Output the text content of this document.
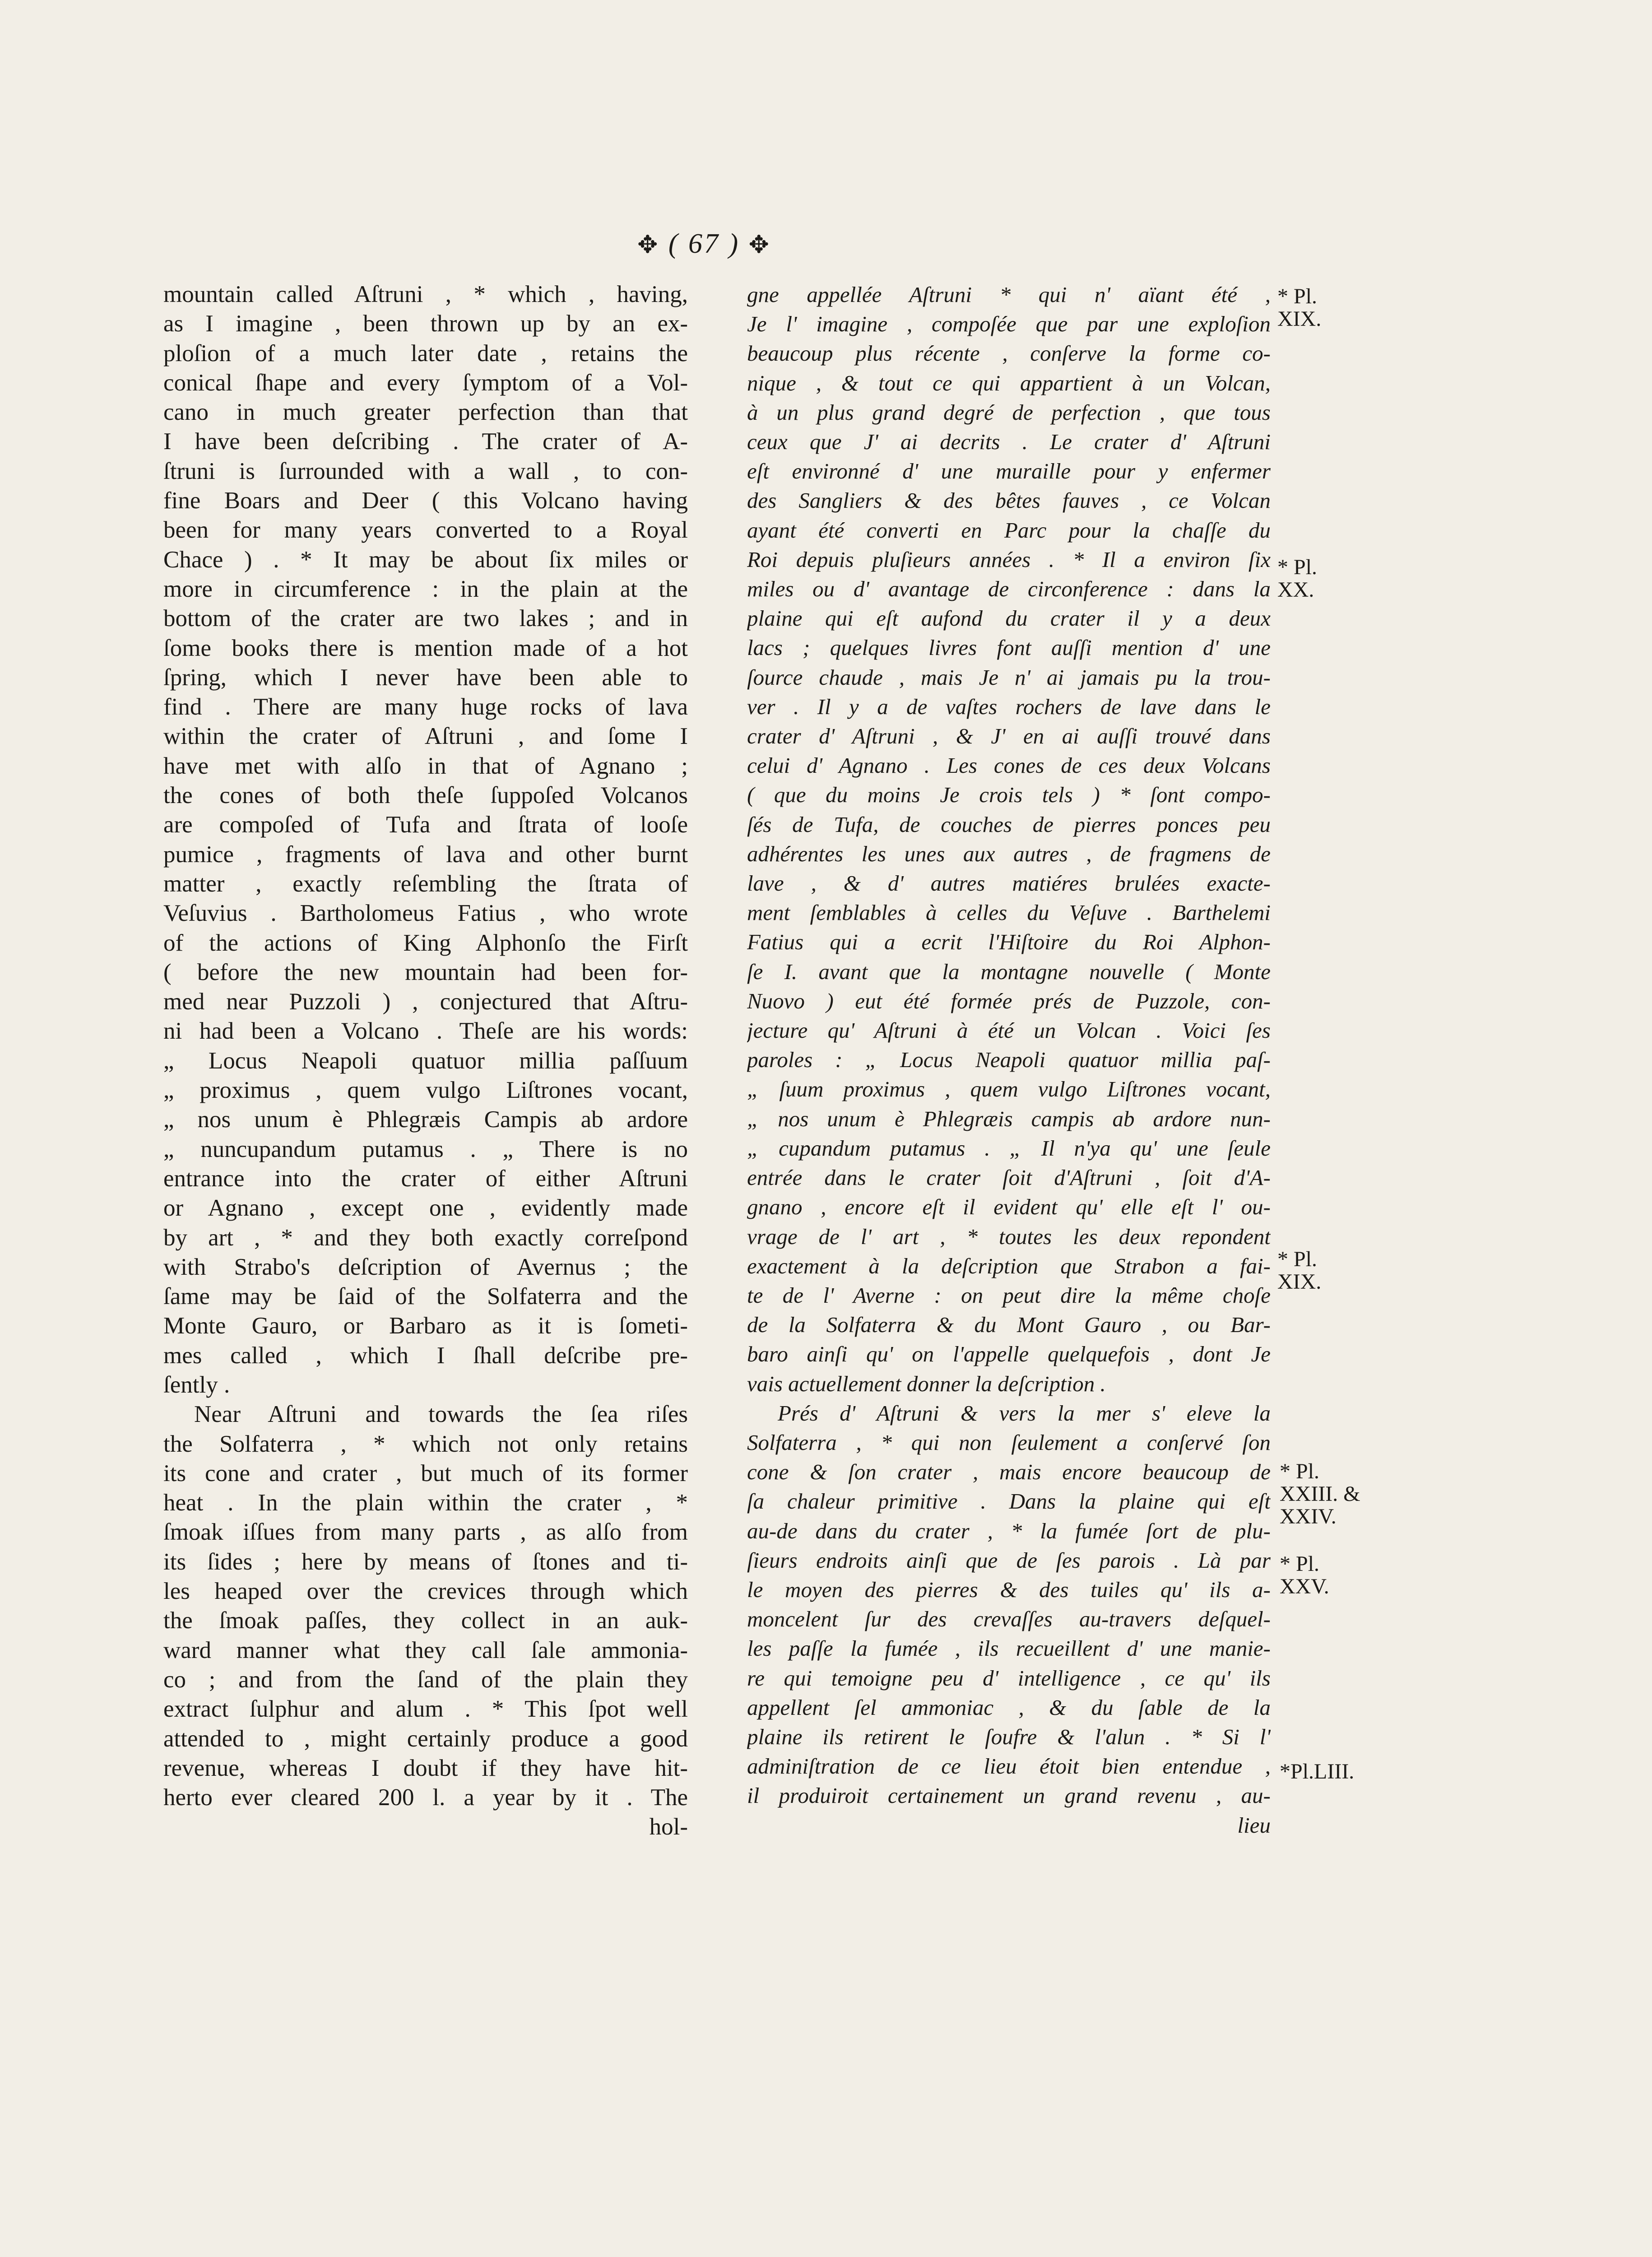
✥ ( 67 ) ✥
mountain called Aſtruni , * which , having,
as I imagine , been thrown up by an ex-
ploſion of a much later date , retains the
conical ſhape and every ſymptom of a Vol-
cano in much greater perfection than that
I have been deſcribing . The crater of A-
ſtruni is ſurrounded with a wall , to con-
fine Boars and Deer ( this Volcano having
been for many years converted to a Royal
Chace ) . * It may be about ſix miles or
more in circumference : in the plain at the
bottom of the crater are two lakes ; and in
ſome books there is mention made of a hot
ſpring, which I never have been able to
find . There are many huge rocks of lava
within the crater of Aſtruni , and ſome I
have met with alſo in that of Agnano ;
the cones of both theſe ſuppoſed Volcanos
are compoſed of Tufa and ſtrata of looſe
pumice , fragments of lava and other burnt
matter , exactly reſembling the ſtrata of
Veſuvius . Bartholomeus Fatius , who wrote
of the actions of King Alphonſo the Firſt
( before the new mountain had been for-
med near Puzzoli ) , conjectured that Aſtru-
ni had been a Volcano . Theſe are his words:
„ Locus Neapoli quatuor millia paſſuum
„ proximus , quem vulgo Liſtrones vocant,
„ nos unum è Phlegræis Campis ab ardore
„ nuncupandum putamus . „ There is no
entrance into the crater of either Aſtruni
or Agnano , except one , evidently made
by art , * and they both exactly correſpond
with Strabo's deſcription of Avernus ; the
ſame may be ſaid of the Solfaterra and the
Monte Gauro, or Barbaro as it is ſometi-
mes called , which I ſhall deſcribe pre-
ſently .
Near Aſtruni and towards the ſea riſes
the Solfaterra , * which not only retains
its cone and crater , but much of its former
heat . In the plain within the crater , *
ſmoak iſſues from many parts , as alſo from
its ſides ; here by means of ſtones and ti-
les heaped over the crevices through which
the ſmoak paſſes, they collect in an auk-
ward manner what they call ſale ammonia-
co ; and from the ſand of the plain they
extract ſulphur and alum . * This ſpot well
attended to , might certainly produce a good
revenue, whereas I doubt if they have hit-
herto ever cleared 200 l. a year by it . The
hol-
gne appellée Aſtruni * qui n' aïant été ,
Je l' imagine , compoſée que par une exploſion
beaucoup plus récente , conſerve la forme co-
nique , & tout ce qui appartient à un Volcan,
à un plus grand degré de perfection , que tous
ceux que J' ai decrits . Le crater d' Aſtruni
eſt environné d' une muraille pour y enfermer
des Sangliers & des bêtes fauves , ce Volcan
ayant été converti en Parc pour la chaſſe du
Roi depuis pluſieurs années . * Il a environ ſix
miles ou d' avantage de circonference : dans la
plaine qui eſt aufond du crater il y a deux
lacs ; quelques livres font auſſi mention d' une
ſource chaude , mais Je n' ai jamais pu la trou-
ver . Il y a de vaſtes rochers de lave dans le
crater d' Aſtruni , & J' en ai auſſi trouvé dans
celui d' Agnano . Les cones de ces deux Volcans
( que du moins Je crois tels ) * ſont compo-
ſés de Tufa, de couches de pierres ponces peu
adhérentes les unes aux autres , de fragmens de
lave , & d' autres matiéres brulées exacte-
ment ſemblables à celles du Veſuve . Barthelemi
Fatius qui a ecrit l'Hiſtoire du Roi Alphon-
ſe I. avant que la montagne nouvelle ( Monte
Nuovo ) eut été formée prés de Puzzole, con-
jecture qu' Aſtruni à été un Volcan . Voici ſes
paroles : „ Locus Neapoli quatuor millia paſ-
„ ſuum proximus , quem vulgo Liſtrones vocant,
„ nos unum è Phlegræis campis ab ardore nun-
„ cupandum putamus . „ Il n'ya qu' une ſeule
entrée dans le crater ſoit d'Aſtruni , ſoit d'A-
gnano , encore eſt il evident qu' elle eſt l' ou-
vrage de l' art , * toutes les deux repondent
exactement à la deſcription que Strabon a fai-
te de l' Averne : on peut dire la même choſe
de la Solfaterra & du Mont Gauro , ou Bar-
baro ainſi qu' on l'appelle quelquefois , dont Je
vais actuellement donner la deſcription .
Prés d' Aſtruni & vers la mer s' eleve la
Solfaterra , * qui non ſeulement a conſervé ſon
cone & ſon crater , mais encore beaucoup de
ſa chaleur primitive . Dans la plaine qui eſt
au-de dans du crater , * la fumée ſort de plu-
ſieurs endroits ainſi que de ſes parois . Là par
le moyen des pierres & des tuiles qu' ils a-
moncelent ſur des crevaſſes au-travers deſquel-
les paſſe la fumée , ils recueillent d' une manie-
re qui temoigne peu d' intelligence , ce qu' ils
appellent ſel ammoniac , & du ſable de la
plaine ils retirent le ſoufre & l'alun . * Si l'
adminiſtration de ce lieu étoit bien entendue ,
il produiroit certainement un grand revenu , au-
lieu
* Pl.
XIX.
* Pl.
XX.
* Pl.
XIX.
* Pl.
XXIII. &
XXIV.
* Pl.
XXV.
*Pl.LIII.
